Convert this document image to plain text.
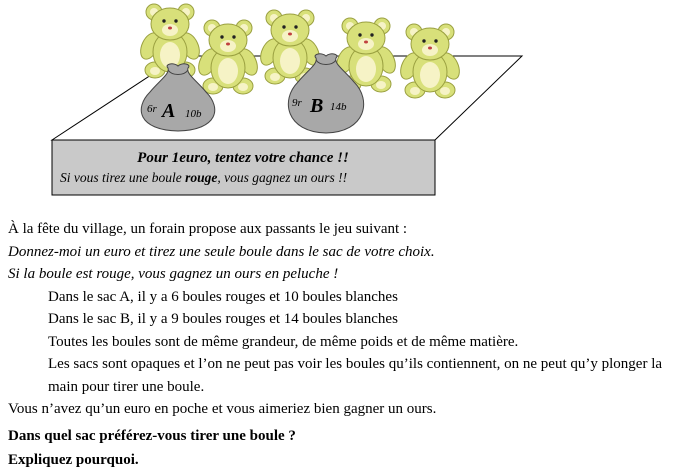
6r A 10b
9r B 14b
Pour 1euro, tentez votre chance !!
Si vous tirez une boule rouge, vous gagnez un ours !!
À la fête du village, un forain propose aux passants le jeu suivant :
Donnez-moi un euro et tirez une seule boule dans le sac de votre choix.
Si la boule est rouge, vous gagnez un ours en peluche !
Dans le sac A, il y a 6 boules rouges et 10 boules blanches
Dans le sac B, il y a 9 boules rouges et 14 boules blanches
Toutes les boules sont de même grandeur, de même poids et de même matière.
Les sacs sont opaques et l’on ne peut pas voir les boules qu’ils contiennent, on ne peut qu’y plonger la main pour tirer une boule.
Vous n’avez qu’un euro en poche et vous aimeriez bien gagner un ours.
Dans quel sac préférez-vous tirer une boule ?
Expliquez pourquoi.
